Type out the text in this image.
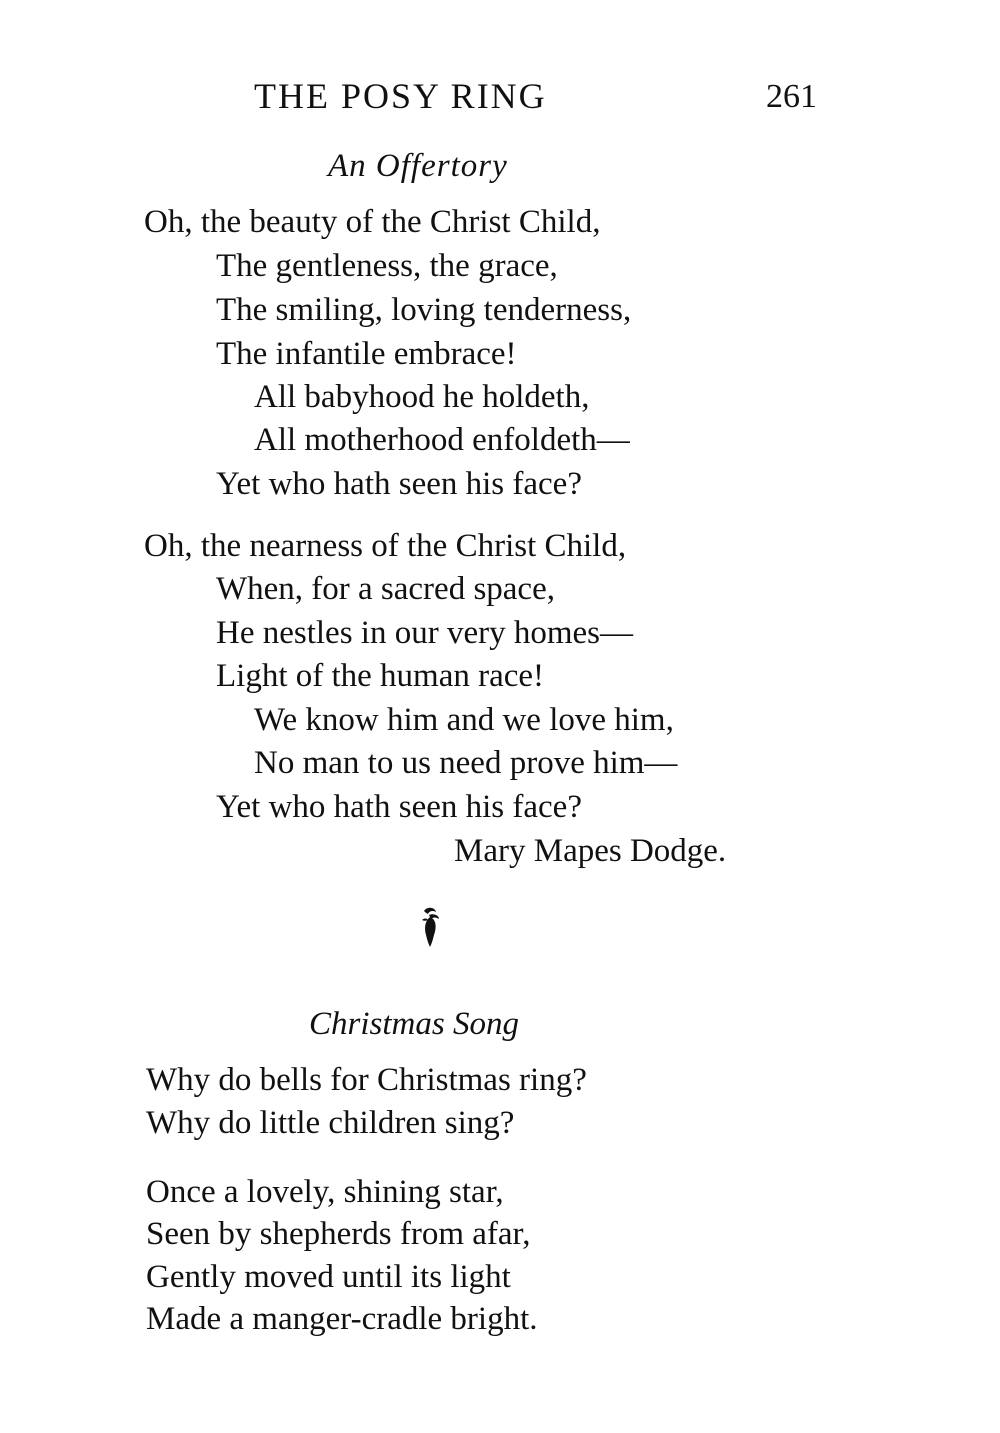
THE POSY RING	261
An Offertory
Oh, the beauty of the Christ Child,
The gentleness, the grace,
The smiling, loving tenderness,
The infantile embrace!
All babyhood he holdeth,
All motherhood enfoldeth—
Yet who hath seen his face?
Oh, the nearness of the Christ Child,
When, for a sacred space,
He nestles in our very homes—
Light of the human race!
We know him and we love him,
No man to us need prove him—
Yet who hath seen his face?
Mary Mapes Dodge.
Christmas Song
Why do bells for Christmas ring?
Why do little children sing?
Once a lovely, shining star,
Seen by shepherds from afar,
Gently moved until its light
Made a manger-cradle bright.
